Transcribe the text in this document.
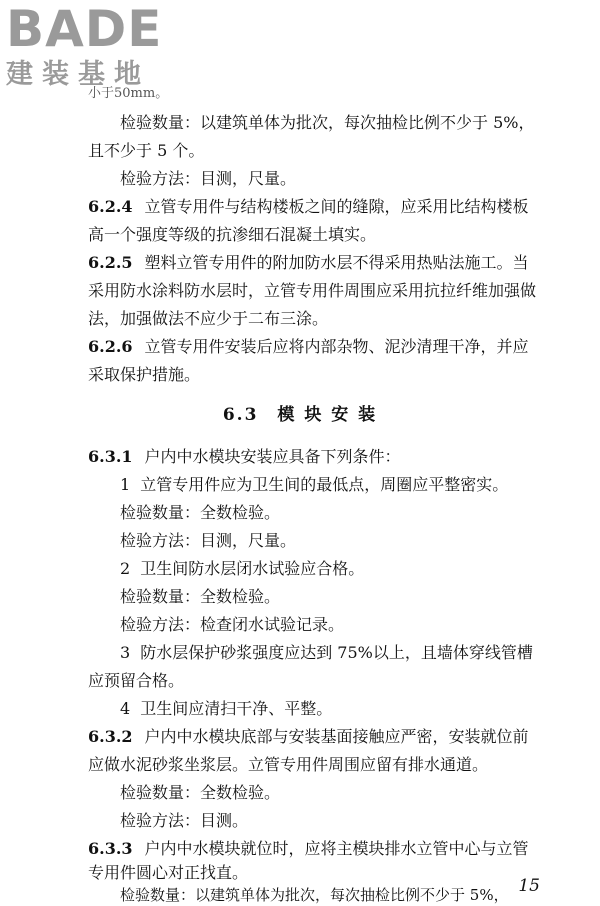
BADE
建装基地
小于50mm。
检验数量：以建筑单体为批次，每次抽检比例不少于 5%，
且不少于 5 个。
检验方法：目测，尺量。
6.2.4 立管专用件与结构楼板之间的缝隙，应采用比结构楼板
高一个强度等级的抗渗细石混凝土填实。
6.2.5 塑料立管专用件的附加防水层不得采用热贴法施工。当
采用防水涂料防水层时，立管专用件周围应采用抗拉纤维加强做
法，加强做法不应少于二布三涂。
6.2.6 立管专用件安装后应将内部杂物、泥沙清理干净，并应
采取保护措施。
6.3　模 块 安 装
6.3.1 户内中水模块安装应具备下列条件：
1 立管专用件应为卫生间的最低点，周圈应平整密实。
检验数量：全数检验。
检验方法：目测，尺量。
2 卫生间防水层闭水试验应合格。
检验数量：全数检验。
检验方法：检查闭水试验记录。
3 防水层保护砂浆强度应达到 75%以上，且墙体穿线管槽
应预留合格。
4 卫生间应清扫干净、平整。
6.3.2 户内中水模块底部与安装基面接触应严密，安装就位前
应做水泥砂浆坐浆层。立管专用件周围应留有排水通道。
检验数量：全数检验。
检验方法：目测。
6.3.3 户内中水模块就位时，应将主模块排水立管中心与立管
专用件圆心对正找直。
检验数量：以建筑单体为批次，每次抽检比例不少于 5%， 15
